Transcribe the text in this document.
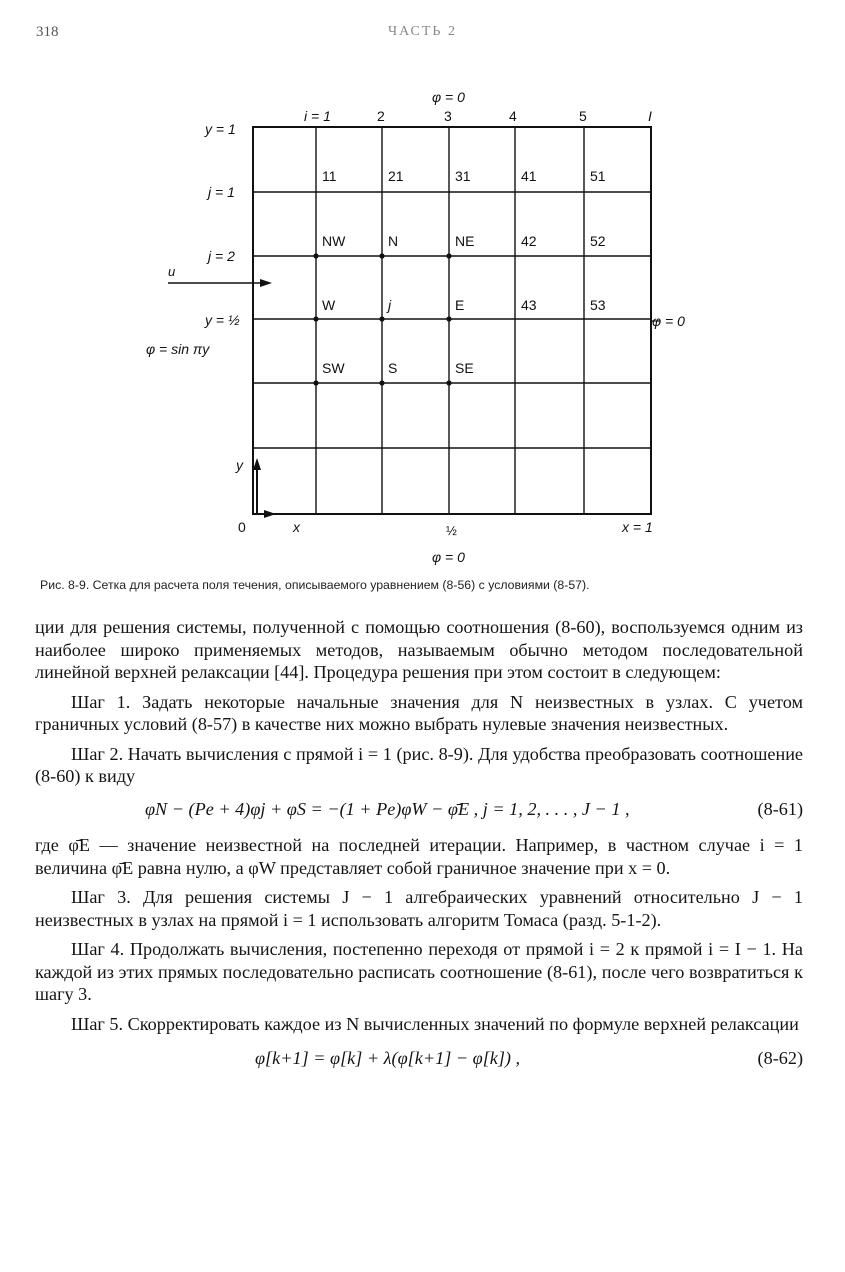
318	ЧАСТЬ 2
φ = 0
i = 1	2	3	4	5	I
y = 1
j = 1
j = 2
u
y = ½
φ = sin πy
φ = 0
y
0	x	½	x = 1
φ = 0
11	21	31	41	51
NW	N	NE	42	52
W	j	E	43	53
SW	S	SE
Рис. 8-9. Сетка для расчета поля течения, описываемого уравнением (8-56) с условиями (8-57).

ции для решения системы, полученной с помощью соотношения (8-60), воспользуемся одним из наиболее широко применяемых методов, называемым обычно методом последовательной линейной верхней релаксации [44]. Процедура решения при этом состоит в следующем:

Шаг 1. Задать некоторые начальные значения для N неизвестных в узлах. С учетом граничных условий (8-57) в качестве них можно выбрать нулевые значения неизвестных.

Шаг 2. Начать вычисления с прямой i = 1 (рис. 8-9). Для удобства преобразовать соотношение (8-60) к виду

φN − (Pe + 4)φj + φS = −(1 + Pe)φW − φ̄E , j = 1, 2, . . . , J − 1 ,	(8-61)

где φ̄E — значение неизвестной на последней итерации. Например, в частном случае i = 1 величина φ̄E равна нулю, а φW представляет собой граничное значение при x = 0.

Шаг 3. Для решения системы J − 1 алгебраических уравнений относительно J − 1 неизвестных в узлах на прямой i = 1 использовать алгоритм Томаса (разд. 5-1-2).

Шаг 4. Продолжать вычисления, постепенно переходя от прямой i = 2 к прямой i = I − 1. На каждой из этих прямых последовательно расписать соотношение (8-61), после чего возвратиться к шагу 3.

Шаг 5. Скорректировать каждое из N вычисленных значений по формуле верхней релаксации

φ[k+1] = φ[k] + λ(φ[k+1] − φ[k]) ,	(8-62)
